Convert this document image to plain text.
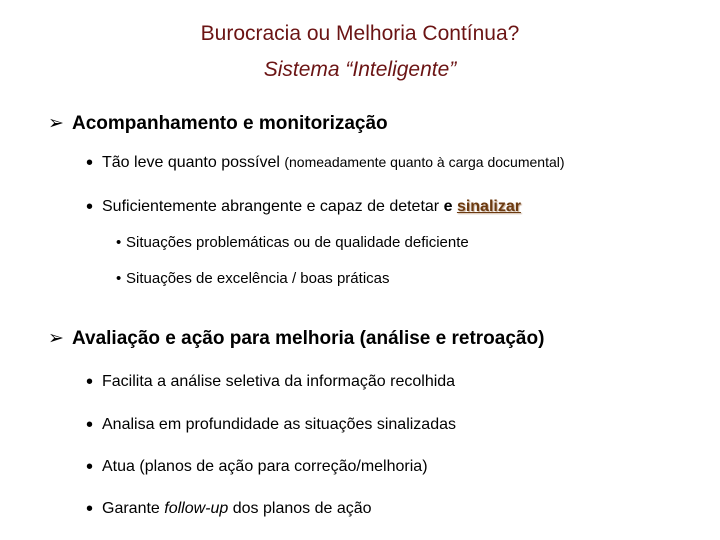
Burocracia ou Melhoria Contínua?
Sistema “Inteligente”
➢ Acompanhamento e monitorização
• Tão leve quanto possível (nomeadamente quanto à carga documental)
• Suficientemente abrangente e capaz de detetar e sinalizar
• Situações problemáticas ou de qualidade deficiente
• Situações de excelência / boas práticas
➢ Avaliação e ação para melhoria (análise e retroação)
• Facilita a análise seletiva da informação recolhida
• Analisa em profundidade as situações sinalizadas
• Atua (planos de ação para correção/melhoria)
• Garante follow-up dos planos de ação
